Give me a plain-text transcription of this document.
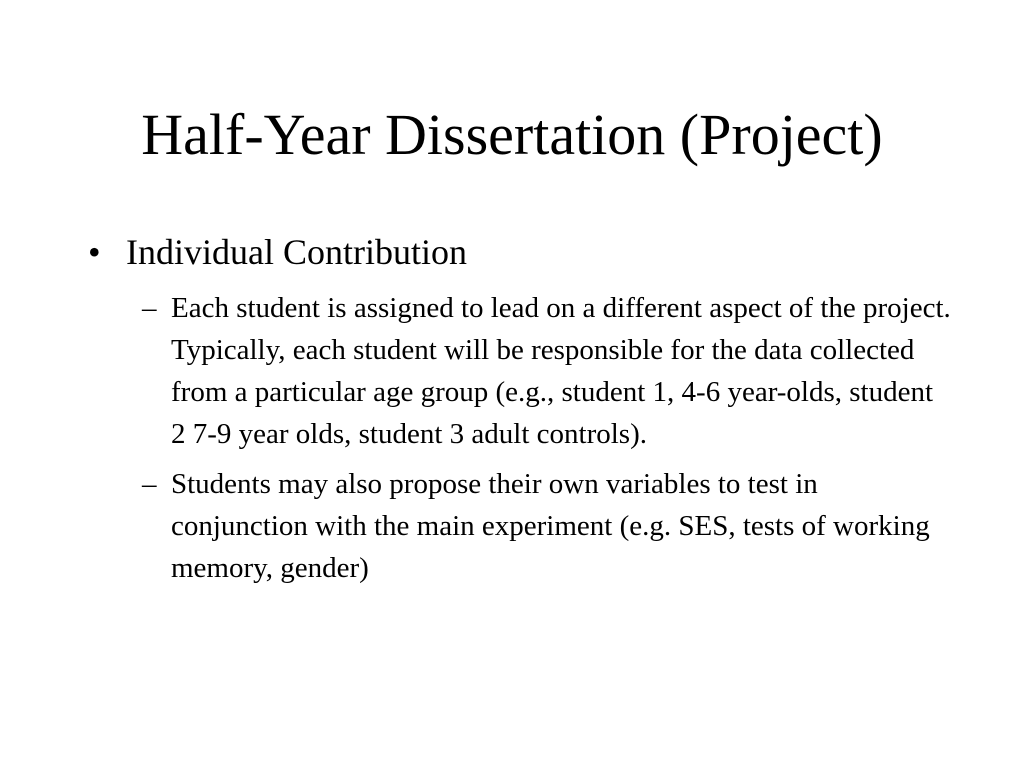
Half-Year Dissertation (Project)
• Individual Contribution
– Each student is assigned to lead on a different aspect of the project. Typically, each student will be responsible for the data collected from a particular age group (e.g., student 1, 4-6 year-olds, student 2 7-9 year olds, student 3 adult controls).
– Students may also propose their own variables to test in conjunction with the main experiment (e.g. SES, tests of working memory, gender)
